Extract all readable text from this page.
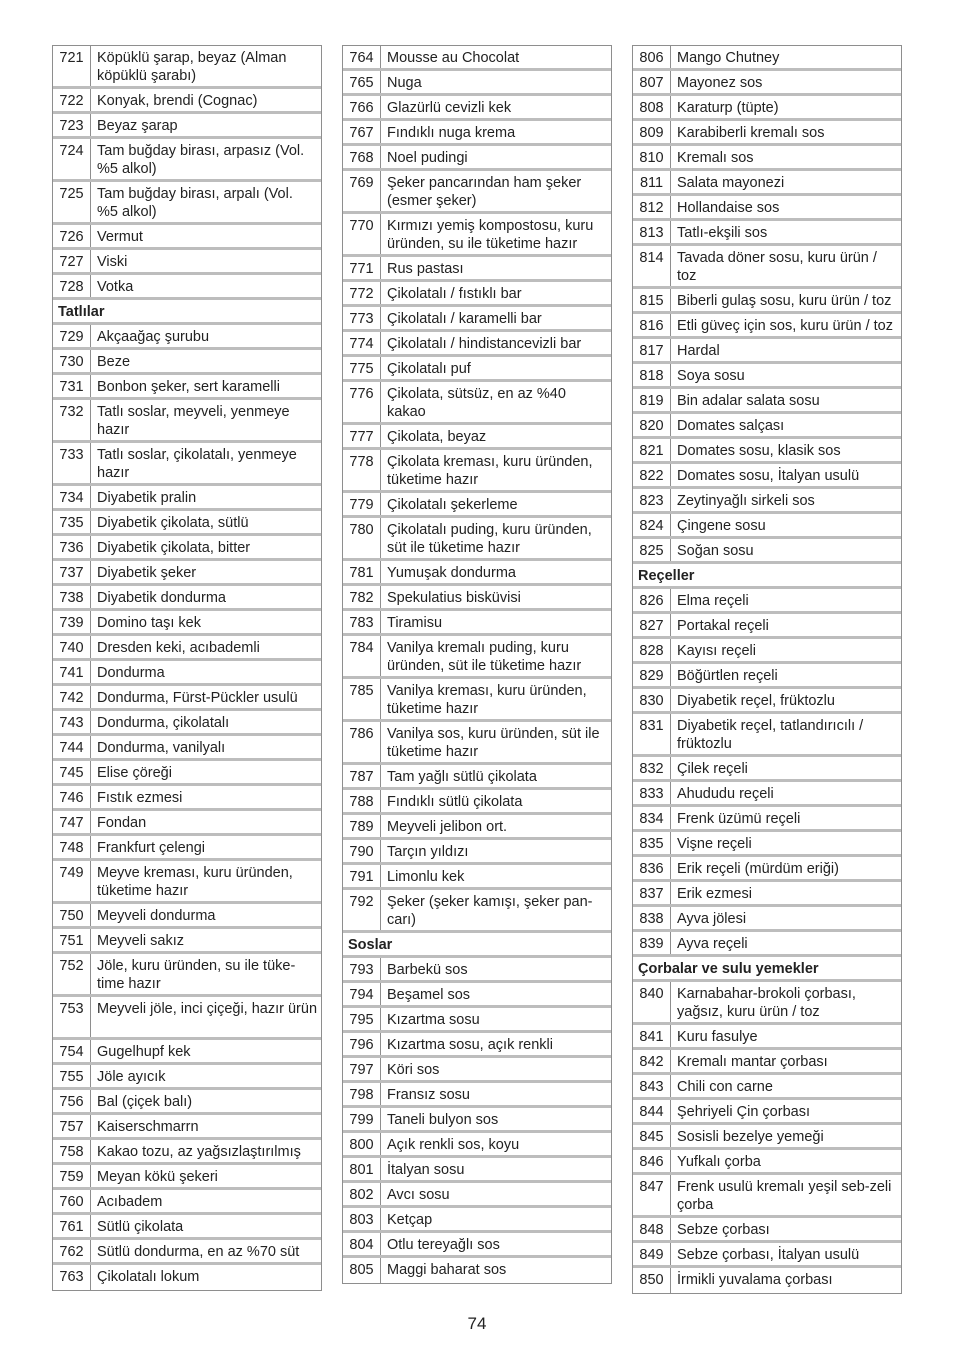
721 Köpüklü şarap, beyaz (Alman köpüklü şarabı)
722 Konyak, brendi (Cognac)
723 Beyaz şarap
724 Tam buğday birası, arpasız (Vol. %5 alkol)
725 Tam buğday birası, arpalı (Vol. %5 alkol)
726 Vermut
727 Viski
728 Votka
Tatlılar
729 Akçaağaç şurubu
730 Beze
731 Bonbon şeker, sert karamelli
732 Tatlı soslar, meyveli, yenmeye hazır
733 Tatlı soslar, çikolatalı, yenmeye hazır
734 Diyabetik pralin
735 Diyabetik çikolata, sütlü
736 Diyabetik çikolata, bitter
737 Diyabetik şeker
738 Diyabetik dondurma
739 Domino taşı kek
740 Dresden keki, acıbademli
741 Dondurma
742 Dondurma, Fürst-Pückler usulü
743 Dondurma, çikolatalı
744 Dondurma, vanilyalı
745 Elise çöreği
746 Fıstık ezmesi
747 Fondan
748 Frankfurt çelengi
749 Meyve kreması, kuru üründen, tüketime hazır
750 Meyveli dondurma
751 Meyveli sakız
752 Jöle, kuru üründen, su ile tüke-time hazır
753 Meyveli jöle, inci çiçeği, hazır ürün
754 Gugelhupf kek
755 Jöle ayıcık
756 Bal (çiçek balı)
757 Kaiserschmarrn
758 Kakao tozu, az yağsızlaştırılmış
759 Meyan kökü şekeri
760 Acıbadem
761 Sütlü çikolata
762 Sütlü dondurma, en az %70 süt
763 Çikolatalı lokum
764 Mousse au Chocolat
765 Nuga
766 Glazürlü cevizli kek
767 Fındıklı nuga krema
768 Noel pudingi
769 Şeker pancarından ham şeker (esmer şeker)
770 Kırmızı yemiş kompostosu, kuru üründen, su ile tüketime hazır
771 Rus pastası
772 Çikolatalı / fıstıklı bar
773 Çikolatalı / karamelli bar
774 Çikolatalı / hindistancevizli bar
775 Çikolatalı puf
776 Çikolata, sütsüz, en az %40 kakao
777 Çikolata, beyaz
778 Çikolata kreması, kuru üründen, tüketime hazır
779 Çikolatalı şekerleme
780 Çikolatalı puding, kuru üründen, süt ile tüketime hazır
781 Yumuşak dondurma
782 Spekulatius bisküvisi
783 Tiramisu
784 Vanilya kremalı puding, kuru üründen, süt ile tüketime hazır
785 Vanilya kreması, kuru üründen, tüketime hazır
786 Vanilya sos, kuru üründen, süt ile tüketime hazır
787 Tam yağlı sütlü çikolata
788 Fındıklı sütlü çikolata
789 Meyveli jelibon ort.
790 Tarçın yıldızı
791 Limonlu kek
792 Şeker (şeker kamışı, şeker pan-carı)
Soslar
793 Barbekü sos
794 Beşamel sos
795 Kızartma sosu
796 Kızartma sosu, açık renkli
797 Köri sos
798 Fransız sosu
799 Taneli bulyon sos
800 Açık renkli sos, koyu
801 İtalyan sosu
802 Avcı sosu
803 Ketçap
804 Otlu tereyağlı sos
805 Maggi baharat sos
806 Mango Chutney
807 Mayonez sos
808 Karaturp (tüpte)
809 Karabiberli kremalı sos
810 Kremalı sos
811 Salata mayonezi
812 Hollandaise sos
813 Tatlı-ekşili sos
814 Tavada döner sosu, kuru ürün / toz
815 Biberli gulaş sosu, kuru ürün / toz
816 Etli güveç için sos, kuru ürün / toz
817 Hardal
818 Soya sosu
819 Bin adalar salata sosu
820 Domates salçası
821 Domates sosu, klasik sos
822 Domates sosu, İtalyan usulü
823 Zeytinyağlı sirkeli sos
824 Çingene sosu
825 Soğan sosu
Reçeller
826 Elma reçeli
827 Portakal reçeli
828 Kayısı reçeli
829 Böğürtlen reçeli
830 Diyabetik reçel, früktozlu
831 Diyabetik reçel, tatlandırıcılı / früktozlu
832 Çilek reçeli
833 Ahududu reçeli
834 Frenk üzümü reçeli
835 Vişne reçeli
836 Erik reçeli (mürdüm eriği)
837 Erik ezmesi
838 Ayva jölesi
839 Ayva reçeli
Çorbalar ve sulu yemekler
840 Karnabahar-brokoli çorbası, yağsız, kuru ürün / toz
841 Kuru fasulye
842 Kremalı mantar çorbası
843 Chili con carne
844 Şehriyeli Çin çorbası
845 Sosisli bezelye yemeği
846 Yufkalı çorba
847 Frenk usulü kremalı yeşil seb-zeli çorba
848 Sebze çorbası
849 Sebze çorbası, İtalyan usulü
850 İrmikli yuvalama çorbası
74
